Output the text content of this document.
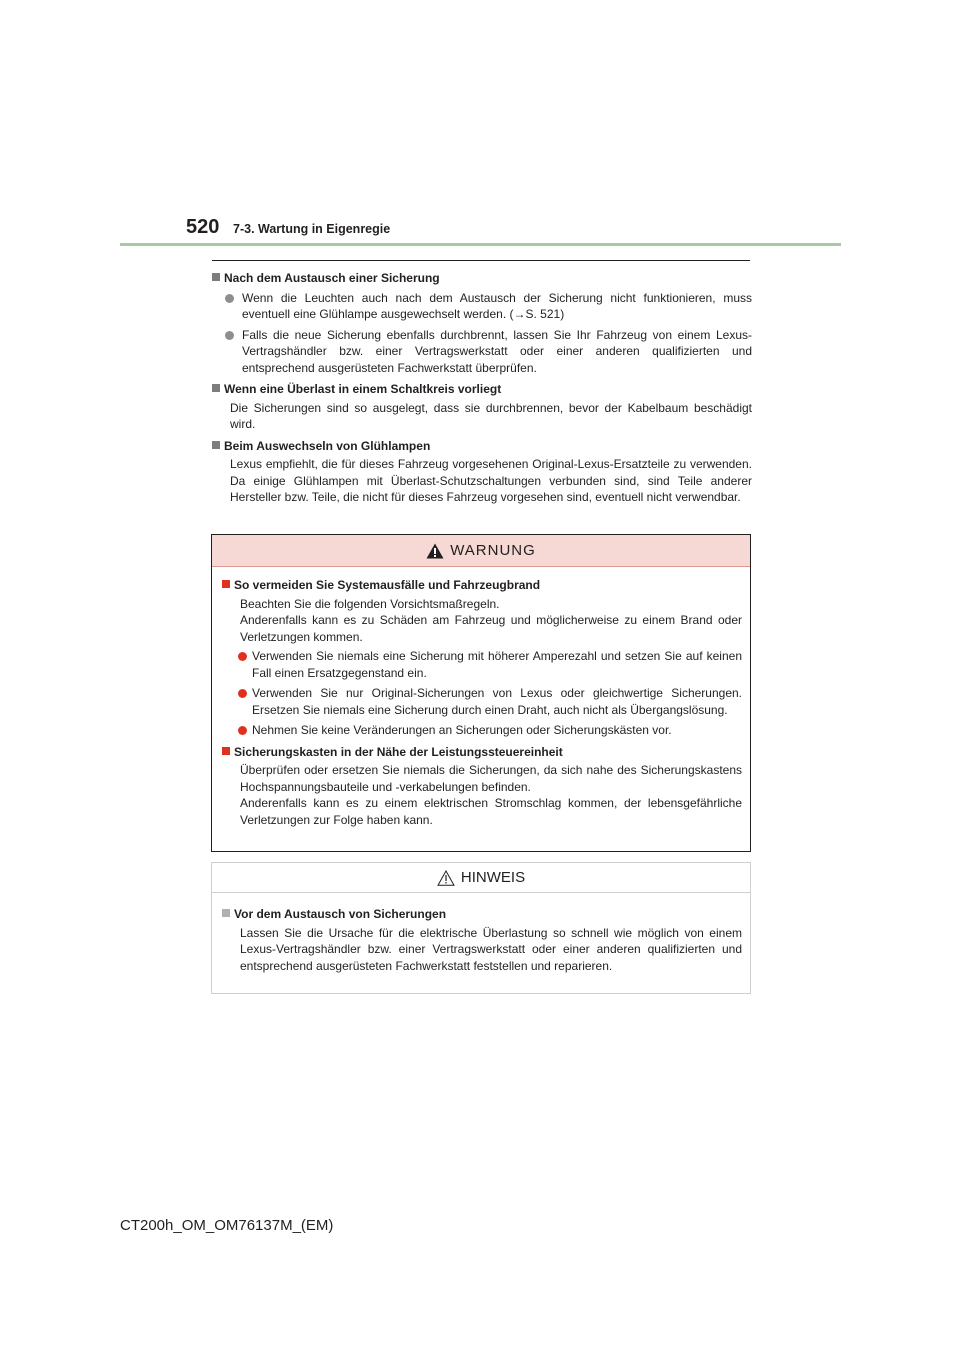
520 7-3. Wartung in Eigenregie
Nach dem Austausch einer Sicherung
Wenn die Leuchten auch nach dem Austausch der Sicherung nicht funktionieren, muss eventuell eine Glühlampe ausgewechselt werden. (→S. 521)
Falls die neue Sicherung ebenfalls durchbrennt, lassen Sie Ihr Fahrzeug von einem Lexus-Vertragshändler bzw. einer Vertragswerkstatt oder einer anderen qualifizierten und entsprechend ausgerüsteten Fachwerkstatt überprüfen.
Wenn eine Überlast in einem Schaltkreis vorliegt
Die Sicherungen sind so ausgelegt, dass sie durchbrennen, bevor der Kabelbaum beschädigt wird.
Beim Auswechseln von Glühlampen
Lexus empfiehlt, die für dieses Fahrzeug vorgesehenen Original-Lexus-Ersatzteile zu verwenden. Da einige Glühlampen mit Überlast-Schutzschaltungen verbunden sind, sind Teile anderer Hersteller bzw. Teile, die nicht für dieses Fahrzeug vorgesehen sind, eventuell nicht verwendbar.
WARNUNG
So vermeiden Sie Systemausfälle und Fahrzeugbrand
Beachten Sie die folgenden Vorsichtsmaßregeln.
Anderenfalls kann es zu Schäden am Fahrzeug und möglicherweise zu einem Brand oder Verletzungen kommen.
Verwenden Sie niemals eine Sicherung mit höherer Amperezahl und setzen Sie auf keinen Fall einen Ersatzgegenstand ein.
Verwenden Sie nur Original-Sicherungen von Lexus oder gleichwertige Sicherungen. Ersetzen Sie niemals eine Sicherung durch einen Draht, auch nicht als Übergangslösung.
Nehmen Sie keine Veränderungen an Sicherungen oder Sicherungskästen vor.
Sicherungskasten in der Nähe der Leistungssteuereinheit
Überprüfen oder ersetzen Sie niemals die Sicherungen, da sich nahe des Sicherungskastens Hochspannungsbauteile und -verkabelungen befinden.
Anderenfalls kann es zu einem elektrischen Stromschlag kommen, der lebensgefährliche Verletzungen zur Folge haben kann.
HINWEIS
Vor dem Austausch von Sicherungen
Lassen Sie die Ursache für die elektrische Überlastung so schnell wie möglich von einem Lexus-Vertragshändler bzw. einer Vertragswerkstatt oder einer anderen qualifizierten und entsprechend ausgerüsteten Fachwerkstatt feststellen und reparieren.
CT200h_OM_OM76137M_(EM)
